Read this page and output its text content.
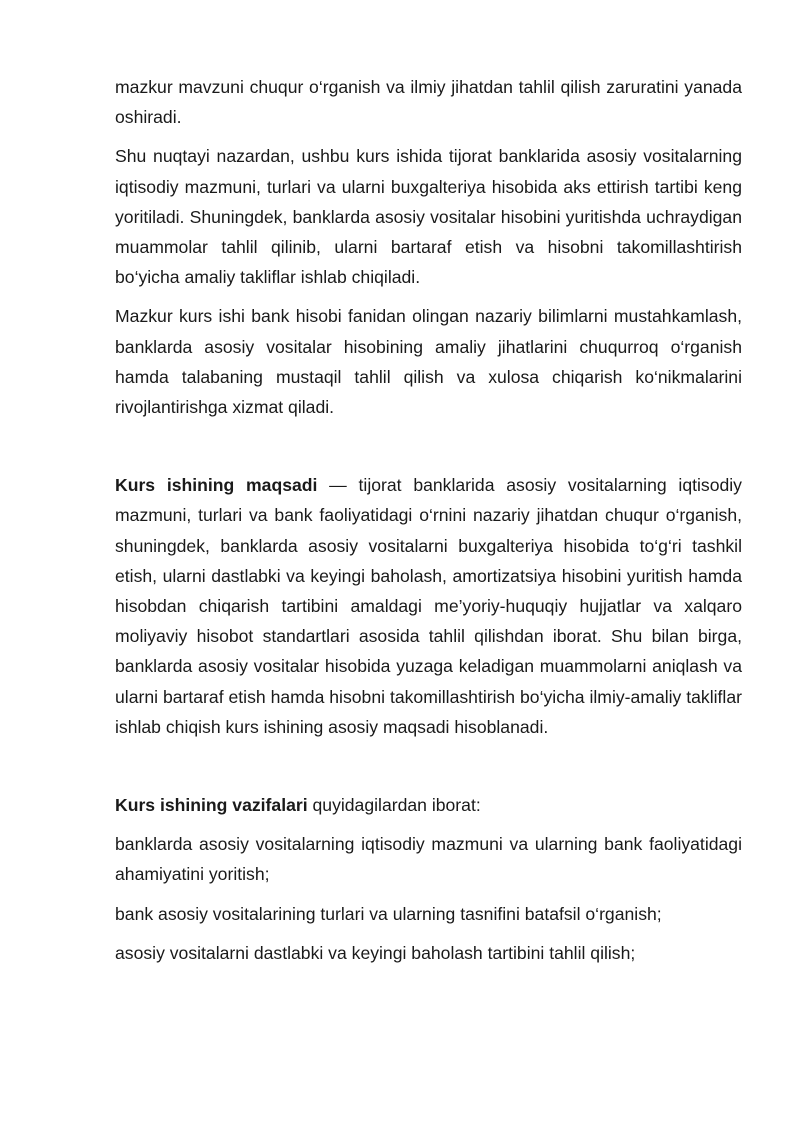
mazkur mavzuni chuqur o‘rganish va ilmiy jihatdan tahlil qilish zaruratini yanada oshiradi.

Shu nuqtayi nazardan, ushbu kurs ishida tijorat banklarida asosiy vositalarning iqtisodiy mazmuni, turlari va ularni buxgalteriya hisobida aks ettirish tartibi keng yoritiladi. Shuningdek, banklarda asosiy vositalar hisobini yuritishda uchraydigan muammolar tahlil qilinib, ularni bartaraf etish va hisobni takomillashtirish bo‘yicha amaliy takliflar ishlab chiqiladi.

Mazkur kurs ishi bank hisobi fanidan olingan nazariy bilimlarni mustahkamlash, banklarda asosiy vositalar hisobining amaliy jihatlarini chuqurroq o‘rganish hamda talabaning mustaqil tahlil qilish va xulosa chiqarish ko‘nikmalarini rivojlantirishga xizmat qiladi.

Kurs ishining maqsadi — tijorat banklarida asosiy vositalarning iqtisodiy mazmuni, turlari va bank faoliyatidagi o‘rnini nazariy jihatdan chuqur o‘rganish, shuningdek, banklarda asosiy vositalarni buxgalteriya hisobida to‘g‘ri tashkil etish, ularni dastlabki va keyingi baholash, amortizatsiya hisobini yuritish hamda hisobdan chiqarish tartibini amaldagi me’yoriy-huquqiy hujjatlar va xalqaro moliyaviy hisobot standartlari asosida tahlil qilishdan iborat. Shu bilan birga, banklarda asosiy vositalar hisobida yuzaga keladigan muammolarni aniqlash va ularni bartaraf etish hamda hisobni takomillashtirish bo‘yicha ilmiy-amaliy takliflar ishlab chiqish kurs ishining asosiy maqsadi hisoblanadi.

Kurs ishining vazifalari quyidagilardan iborat:

banklarda asosiy vositalarning iqtisodiy mazmuni va ularning bank faoliyatidagi ahamiyatini yoritish;

bank asosiy vositalarining turlari va ularning tasnifini batafsil o‘rganish;

asosiy vositalarni dastlabki va keyingi baholash tartibini tahlil qilish;
